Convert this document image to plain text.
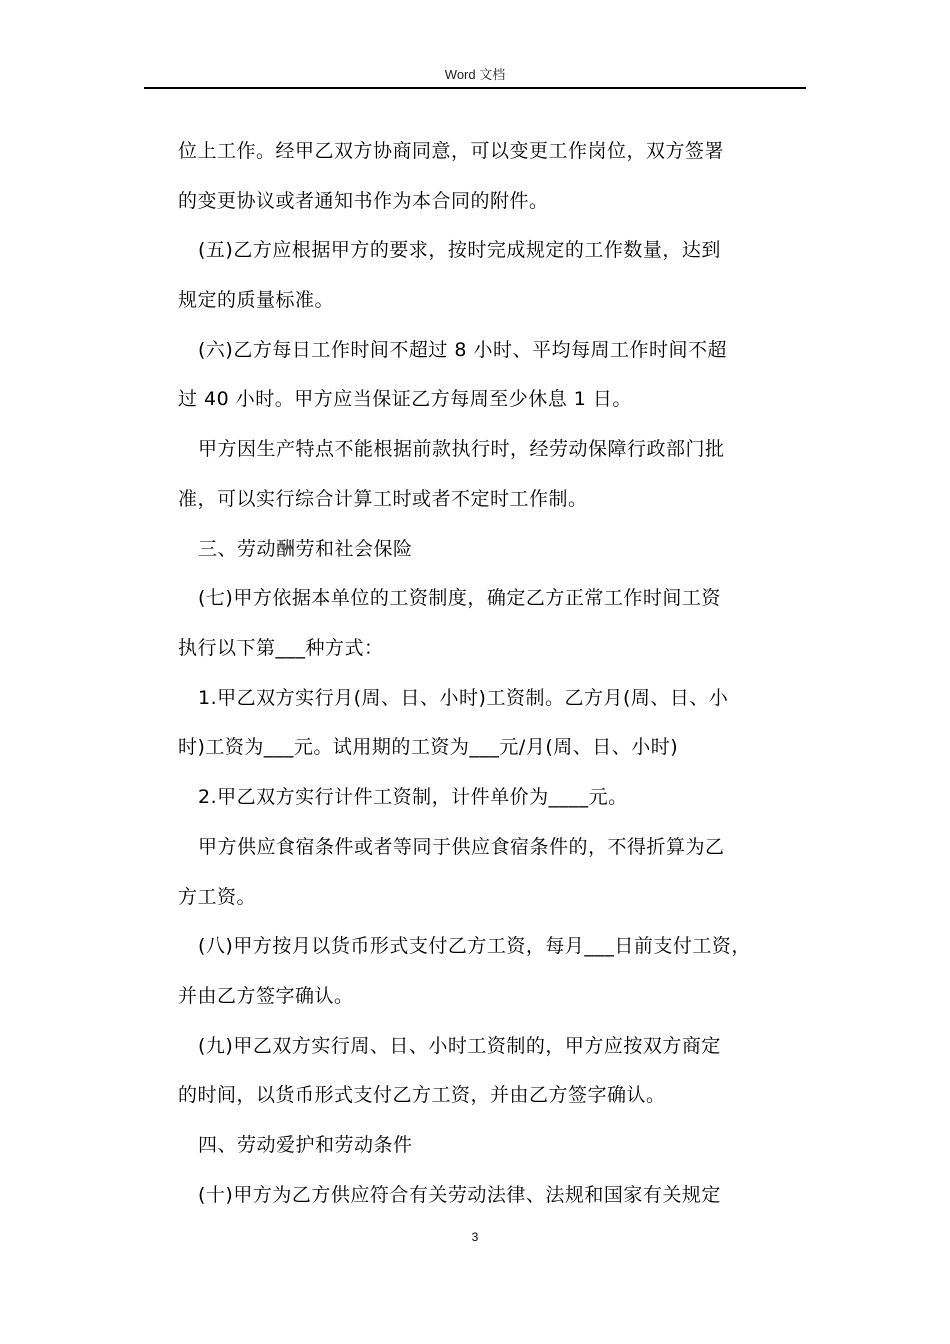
Word 文档
位上工作。经甲乙双方协商同意，可以变更工作岗位，双方签署
的变更协议或者通知书作为本合同的附件。
(五)乙方应根据甲方的要求，按时完成规定的工作数量，达到
规定的质量标准。
(六)乙方每日工作时间不超过 8 小时、平均每周工作时间不超
过 40 小时。甲方应当保证乙方每周至少休息 1 日。
甲方因生产特点不能根据前款执行时，经劳动保障行政部门批
准，可以实行综合计算工时或者不定时工作制。
三、劳动酬劳和社会保险
(七)甲方依据本单位的工资制度，确定乙方正常工作时间工资
执行以下第___种方式：
1.甲乙双方实行月(周、日、小时)工资制。乙方月(周、日、小
时)工资为___元。试用期的工资为___元/月(周、日、小时)
2.甲乙双方实行计件工资制，计件单价为____元。
甲方供应食宿条件或者等同于供应食宿条件的，不得折算为乙
方工资。
(八)甲方按月以货币形式支付乙方工资，每月___日前支付工资，
并由乙方签字确认。
(九)甲乙双方实行周、日、小时工资制的，甲方应按双方商定
的时间，以货币形式支付乙方工资，并由乙方签字确认。
四、劳动爱护和劳动条件
(十)甲方为乙方供应符合有关劳动法律、法规和国家有关规定
3
